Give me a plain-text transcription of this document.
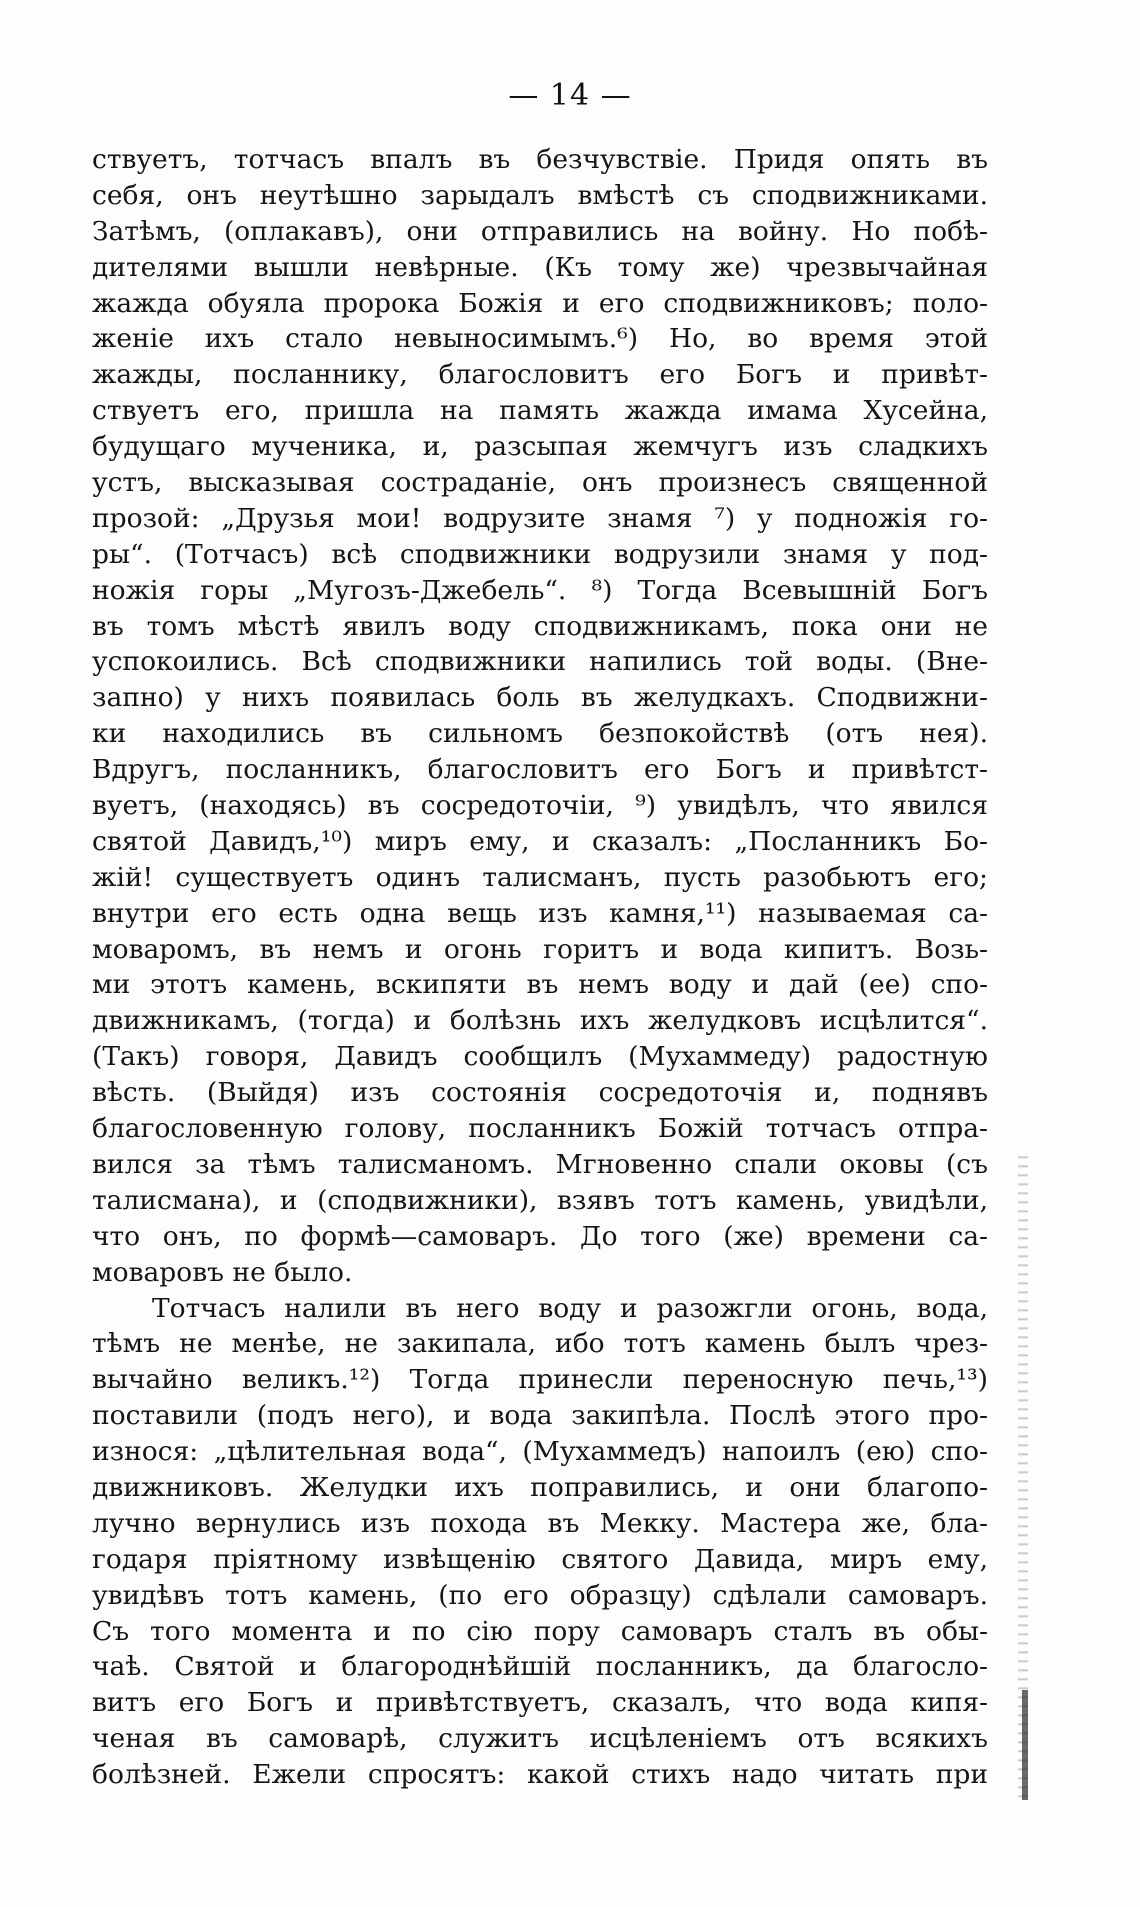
— 14 —
ствуетъ, тотчасъ впалъ въ безчувствіе. Придя опять въ
себя, онъ неутѣшно зарыдалъ вмѣстѣ съ сподвижниками.
Затѣмъ, (оплакавъ), они отправились на войну. Но побѣ-
дителями вышли невѣрные. (Къ тому же) чрезвычайная
жажда обуяла пророка Божія и его сподвижниковъ; поло-
женіе ихъ стало невыносимымъ.⁶) Но, во время этой
жажды, посланнику, благословитъ его Богъ и привѣт-
ствуетъ его, пришла на память жажда имама Хусейна,
будущаго мученика, и, разсыпая жемчугъ изъ сладкихъ
устъ, высказывая состраданіе, онъ произнесъ священной
прозой: „Друзья мои! водрузите знамя ⁷) у подножія го-
ры“. (Тотчасъ) всѣ сподвижники водрузили знамя у под-
ножія горы „Мугозъ-Джебель“. ⁸) Тогда Всевышній Богъ
въ томъ мѣстѣ явилъ воду сподвижникамъ, пока они не
успокоились. Всѣ сподвижники напились той воды. (Вне-
запно) у нихъ появилась боль въ желудкахъ. Сподвижни-
ки находились въ сильномъ безпокойствѣ (отъ нея).
Вдругъ, посланникъ, благословитъ его Богъ и привѣтст-
вуетъ, (находясь) въ сосредоточіи, ⁹) увидѣлъ, что явился
святой Давидъ,¹⁰) миръ ему, и сказалъ: „Посланникъ Бо-
жій! существуетъ одинъ талисманъ, пусть разобьютъ его;
внутри его есть одна вещь изъ камня,¹¹) называемая са-
моваромъ, въ немъ и огонь горитъ и вода кипитъ. Возь-
ми этотъ камень, вскипяти въ немъ воду и дай (ее) спо-
движникамъ, (тогда) и болѣзнь ихъ желудковъ исцѣлится“.
(Такъ) говоря, Давидъ сообщилъ (Мухаммеду) радостную
вѣсть. (Выйдя) изъ состоянія сосредоточія и, поднявъ
благословенную голову, посланникъ Божій тотчасъ отпра-
вился за тѣмъ талисманомъ. Мгновенно спали оковы (съ
талисмана), и (сподвижники), взявъ тотъ камень, увидѣли,
что онъ, по формѣ—самоваръ. До того (же) времени са-
моваровъ не было.
Тотчасъ налили въ него воду и разожгли огонь, вода,
тѣмъ не менѣе, не закипала, ибо тотъ камень былъ чрез-
вычайно великъ.¹²) Тогда принесли переносную печь,¹³)
поставили (подъ него), и вода закипѣла. Послѣ этого про-
износя: „цѣлительная вода“, (Мухаммедъ) напоилъ (ею) спо-
движниковъ. Желудки ихъ поправились, и они благопо-
лучно вернулись изъ похода въ Мекку. Мастера же, бла-
годаря пріятному извѣщенію святого Давида, миръ ему,
увидѣвъ тотъ камень, (по его образцу) сдѣлали самоваръ.
Съ того момента и по сію пору самоваръ сталъ въ обы-
чаѣ. Святой и благороднѣйшій посланникъ, да благосло-
витъ его Богъ и привѣтствуетъ, сказалъ, что вода кипя-
ченая въ самоварѣ, служитъ исцѣленіемъ отъ всякихъ
болѣзней. Ежели спросятъ: какой стихъ надо читать при
